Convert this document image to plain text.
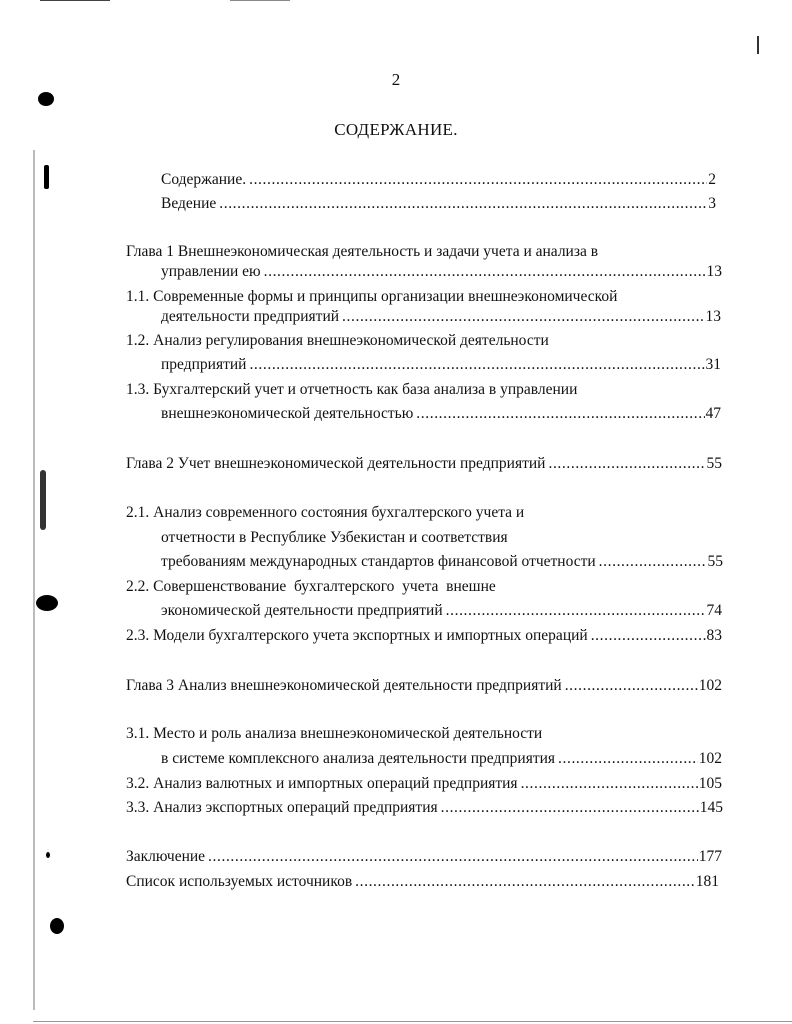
2
СОДЕРЖАНИЕ.
Содержание. .....	2
Ведение .....	3
Глава 1 Внешнеэкономическая деятельность и задачи учета и анализа в
управлении ею .....	13
1.1. Современные формы и принципы организации внешнеэкономической
деятельности предприятий .....	13
1.2. Анализ регулирования внешнеэкономической деятельности
предприятий .....	31
1.3. Бухгалтерский учет и отчетность как база анализа в управлении
внешнеэкономической деятельностью .....	47
Глава 2 Учет внешнеэкономической деятельности предприятий .....	55
2.1. Анализ современного состояния бухгалтерского учета и
отчетности в Республике Узбекистан и соответствия
требованиям международных стандартов финансовой отчетности .....	55
2.2. Совершенствование  бухгалтерского  учета  внешне
экономической деятельности предприятий .....	74
2.3. Модели бухгалтерского учета экспортных и импортных операций .....	83
Глава 3 Анализ внешнеэкономической деятельности предприятий .....	102
3.1. Место и роль анализа внешнеэкономической деятельности
в системе комплексного анализа деятельности предприятия .....	102
3.2. Анализ валютных и импортных операций предприятия .....	105
3.3. Анализ экспортных операций предприятия .....	145
Заключение .....	177
Список используемых источников .....	181
